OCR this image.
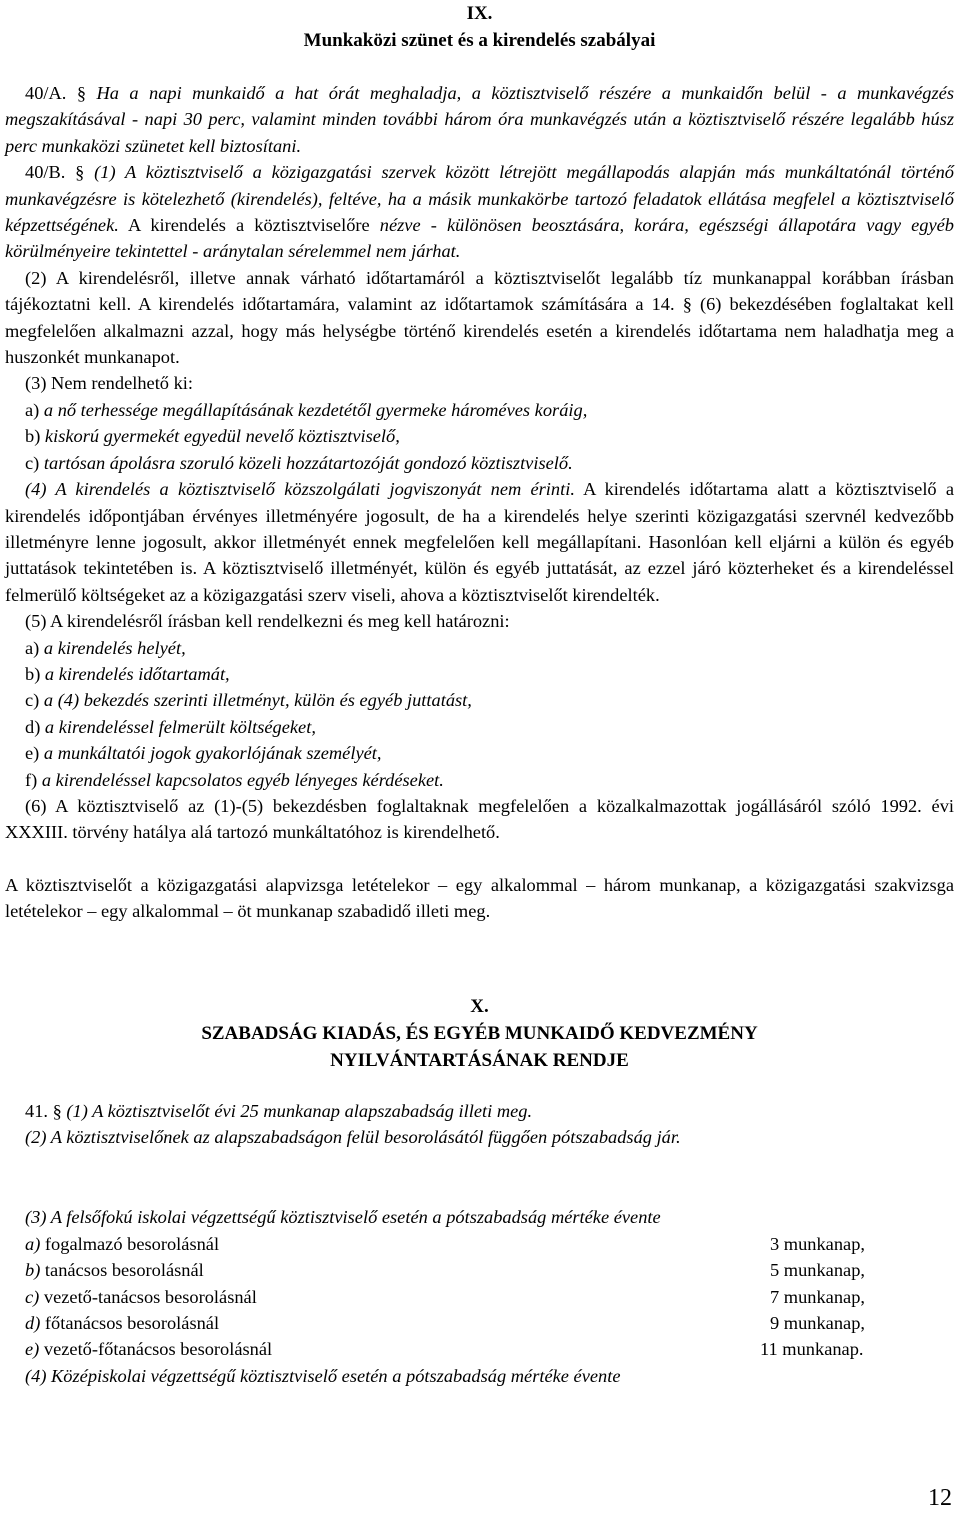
IX.

Munkaközi szünet és a kirendelés szabályai

40/A. § Ha a napi munkaidő a hat órát meghaladja, a köztisztviselő részére a munkaidőn belül - a munkavégzés megszakításával - napi 30 perc, valamint minden további három óra munkavégzés után a köztisztviselő részére legalább húsz perc munkaközi szünetet kell biztosítani.

40/B. § (1) A köztisztviselő a közigazgatási szervek között létrejött megállapodás alapján más munkáltatónál történő munkavégzésre is kötelezhető (kirendelés), feltéve, ha a másik munkakörbe tartozó feladatok ellátása megfelel a köztisztviselő képzettségének. A kirendelés a köztisztviselőre nézve - különösen beosztására, korára, egészségi állapotára vagy egyéb körülményeire tekintettel - aránytalan sérelemmel nem járhat.

(2) A kirendelésről, illetve annak várható időtartamáról a köztisztviselőt legalább tíz munkanappal korábban írásban tájékoztatni kell. A kirendelés időtartamára, valamint az időtartamok számítására a 14. § (6) bekezdésében foglaltakat kell megfelelően alkalmazni azzal, hogy más helységbe történő kirendelés esetén a kirendelés időtartama nem haladhatja meg a huszonkét munkanapot.

(3) Nem rendelhető ki:

a) a nő terhessége megállapításának kezdetétől gyermeke hároméves koráig,

b) kiskorú gyermekét egyedül nevelő köztisztviselő,

c) tartósan ápolásra szoruló közeli hozzátartozóját gondozó köztisztviselő.

(4) A kirendelés a köztisztviselő közszolgálati jogviszonyát nem érinti. A kirendelés időtartama alatt a köztisztviselő a kirendelés időpontjában érvényes illetményére jogosult, de ha a kirendelés helye szerinti közigazgatási szervnél kedvezőbb illetményre lenne jogosult, akkor illetményét ennek megfelelően kell megállapítani. Hasonlóan kell eljárni a külön és egyéb juttatások tekintetében is. A köztisztviselő illetményét, külön és egyéb juttatását, az ezzel járó közterheket és a kirendeléssel felmerülő költségeket az a közigazgatási szerv viseli, ahova a köztisztviselőt kirendelték.

(5) A kirendelésről írásban kell rendelkezni és meg kell határozni:

a) a kirendelés helyét,

b) a kirendelés időtartamát,

c) a (4) bekezdés szerinti illetményt, külön és egyéb juttatást,

d) a kirendeléssel felmerült költségeket,

e) a munkáltatói jogok gyakorlójának személyét,

f) a kirendeléssel kapcsolatos egyéb lényeges kérdéseket.

(6) A köztisztviselő az (1)-(5) bekezdésben foglaltaknak megfelelően a közalkalmazottak jogállásáról szóló 1992. évi XXXIII. törvény hatálya alá tartozó munkáltatóhoz is kirendelhető.

A köztisztviselőt a közigazgatási alapvizsga letételekor – egy alkalommal – három munkanap, a közigazgatási szakvizsga letételekor – egy alkalommal – öt munkanap szabadidő illeti meg.

X.

SZABADSÁG KIADÁS, ÉS EGYÉB MUNKAIDŐ KEDVEZMÉNY

NYILVÁNTARTÁSÁNAK RENDJE

41. § (1) A köztisztviselőt évi 25 munkanap alapszabadság illeti meg.

(2) A köztisztviselőnek az alapszabadságon felül besorolásától függően pótszabadság jár.

(3) A felsőfokú iskolai végzettségű köztisztviselő esetén a pótszabadság mértéke évente

a) fogalmazó besorolásnál	3 munkanap,
b) tanácsos besorolásnál	5 munkanap,
c) vezető-tanácsos besorolásnál	7 munkanap,
d) főtanácsos besorolásnál	9 munkanap,
e) vezető-főtanácsos besorolásnál	11 munkanap.

(4) Középiskolai végzettségű köztisztviselő esetén a pótszabadság mértéke évente

12
